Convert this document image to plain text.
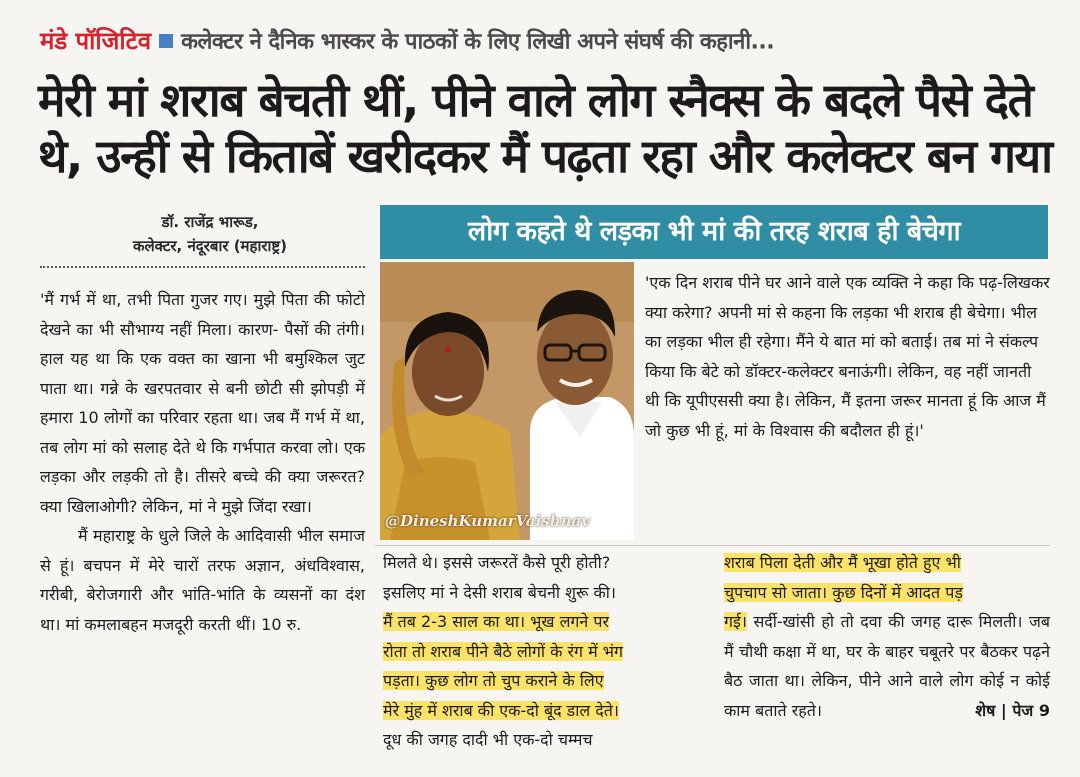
मंडे पॉजिटिव कलेक्टर ने दैनिक भास्कर के पाठकों के लिए लिखी अपने संघर्ष की कहानी...
मेरी मां शराब बेचती थीं, पीने वाले लोग स्नैक्स के बदले पैसे देते
थे, उन्हीं से किताबें खरीदकर मैं पढ़ता रहा और कलेक्टर बन गया
डॉ. राजेंद्र भारूड,
कलेक्टर, नंदूरबार (महाराष्ट्र)	लोग कहते थे लड़का भी मां की तरह शराब ही बेचेगा
@DineshKumarVaishnav
'एक दिन शराब पीने घर आने वाले एक व्यक्ति ने कहा कि पढ़-लिखकर क्या करेगा? अपनी मां से कहना कि लड़का भी शराब ही बेचेगा। भील का लड़का भील ही रहेगा। मैंने ये बात मां को बताई। तब मां ने संकल्प किया कि बेटे को डॉक्टर-कलेक्टर बनाऊंगी। लेकिन, वह नहीं जानती थी कि यूपीएससी क्या है। लेकिन, मैं इतना जरूर मानता हूं कि आज मैं जो कुछ भी हूं, मां के विश्वास की बदौलत ही हूं।'

'मैं गर्भ में था, तभी पिता गुजर गए। मुझे पिता की फोटो देखने का भी सौभाग्य नहीं मिला। कारण- पैसों की तंगी। हाल यह था कि एक वक्त का खाना भी बमुश्किल जुट पाता था। गन्ने के खरपतवार से बनी छोटी सी झोपड़ी में हमारा 10 लोगों का परिवार रहता था। जब मैं गर्भ में था, तब लोग मां को सलाह देते थे कि गर्भपात करवा लो। एक लड़का और लड़की तो है। तीसरे बच्चे की क्या जरूरत? क्या खिलाओगी? लेकिन, मां ने मुझे जिंदा रखा।

मैं महाराष्ट्र के धुले जिले के आदिवासी भील समाज से हूं। बचपन में मेरे चारों तरफ अज्ञान, अंधविश्वास, गरीबी, बेरोजगारी और भांति-भांति के व्यसनों का दंश था। मां कमलाबहन मजदूरी करती थीं। 10 रु.

मिलते थे। इससे जरूरतें कैसे पूरी होती?
इसलिए मां ने देसी शराब बेचनी शुरू की।
मैं तब 2-3 साल का था। भूख लगने पर
रोता तो शराब पीने बैठे लोगों के रंग में भंग
पड़ता। कुछ लोग तो चुप कराने के लिए
मेरे मुंह में शराब की एक-दो बूंद डाल देते।
दूध की जगह दादी भी एक-दो चम्मच
शराब पिला देती और मैं भूखा होते हुए भी
चुपचाप सो जाता। कुछ दिनों में आदत पड़
गई। सर्दी-खांसी हो तो दवा की जगह दारू मिलती। जब मैं चौथी कक्षा में था, घर के बाहर चबूतरे पर बैठकर पढ़ने बैठ जाता था। लेकिन, पीने आने वाले लोग कोई न कोई काम बताते रहते।	शेष | पेज 9
